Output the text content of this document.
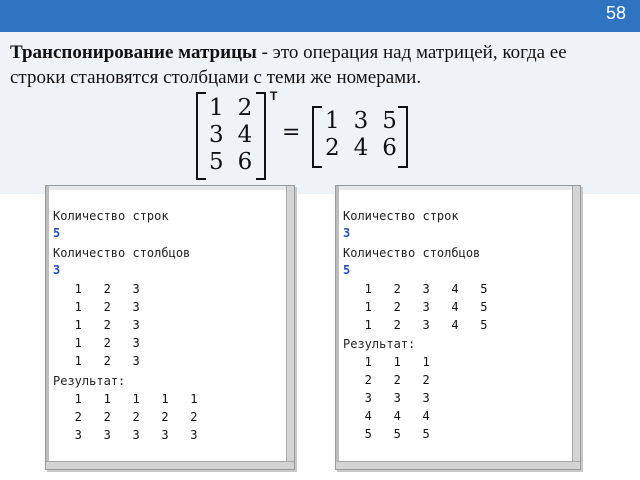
58
Транспонирование матрицы - это операция над матрицей, когда ее
строки становятся столбцами с теми же номерами.
1	2
3	4
5	6
T
= 1	3	5
2	4	6
Количество строк
5
Количество столбцов
3
1   2   3
1   2   3
1   2   3
1   2   3
1   2   3
Результат:
1   1   1   1   1
2   2   2   2   2
3   3   3   3   3
Количество строк
3
Количество столбцов
5
1   2   3   4   5
1   2   3   4   5
1   2   3   4   5
Результат:
1   1   1
2   2   2
3   3   3
4   4   4
5   5   5
